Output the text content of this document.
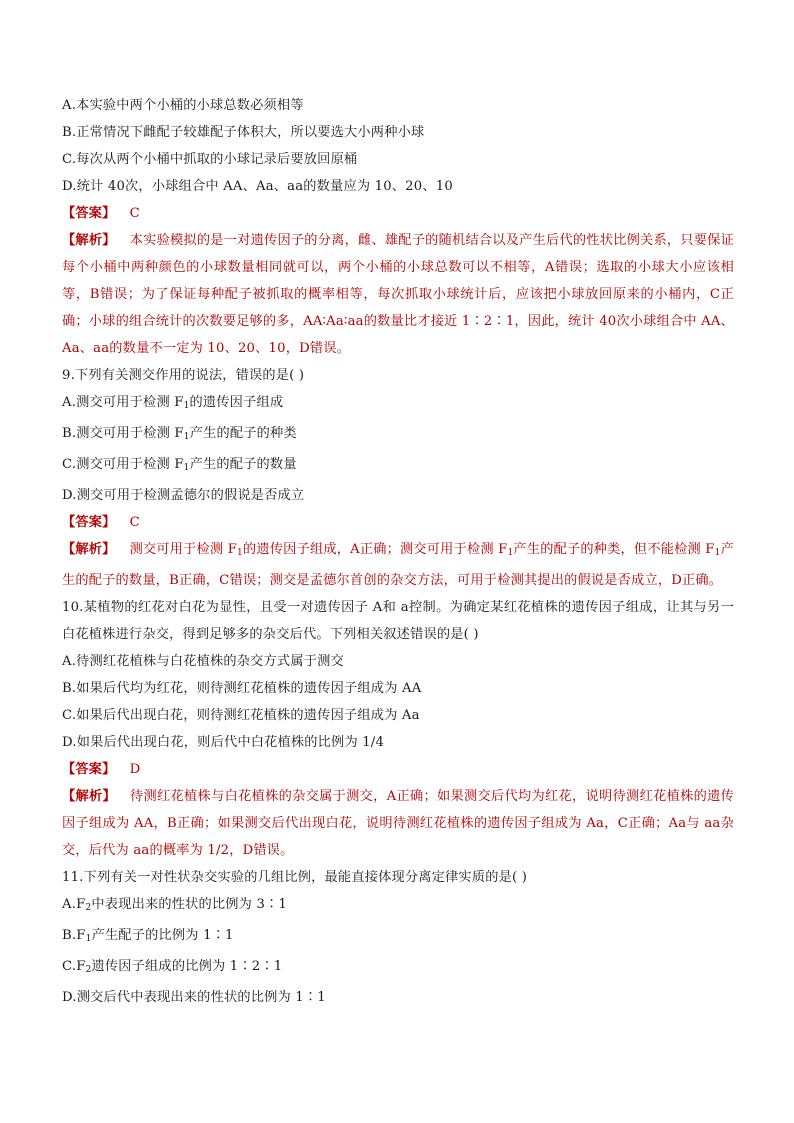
A.本实验中两个小桶的小球总数必须相等
B.正常情况下雌配子较雄配子体积大，所以要选大小两种小球
C.每次从两个小桶中抓取的小球记录后要放回原桶
D.统计 40次，小球组合中 AA、Aa、aa的数量应为 10、20、10
【答案】 C
【解析】 本实验模拟的是一对遗传因子的分离，雌、雄配子的随机结合以及产生后代的性状比例关系，只要保证每个小桶中两种颜色的小球数量相同就可以，两个小桶的小球总数可以不相等，A错误；选取的小球大小应该相等，B错误；为了保证每种配子被抓取的概率相等，每次抓取小球统计后，应该把小球放回原来的小桶内，C正确；小球的组合统计的次数要足够的多，AA∶Aa∶aa的数量比才接近 1∶2∶1，因此，统计 40次小球组合中 AA、Aa、aa的数量不一定为 10、20、10，D错误。
9.下列有关测交作用的说法，错误的是( )
A.测交可用于检测 $F_1$的遗传因子组成
B.测交可用于检测 $F_1$产生的配子的种类
C.测交可用于检测 $F_1$产生的配子的数量
D.测交可用于检测孟德尔的假说是否成立
【答案】 C
【解析】 测交可用于检测 $F_1$的遗传因子组成，A正确；测交可用于检测 $F_1$产生的配子的种类，但不能检测 $F_1$产生的配子的数量，B正确，C错误；测交是孟德尔首创的杂交方法，可用于检测其提出的假说是否成立，D正确。
10.某植物的红花对白花为显性，且受一对遗传因子 A和 a控制。为确定某红花植株的遗传因子组成，让其与另一白花植株进行杂交，得到足够多的杂交后代。下列相关叙述错误的是( )
A.待测红花植株与白花植株的杂交方式属于测交
B.如果后代均为红花，则待测红花植株的遗传因子组成为 AA
C.如果后代出现白花，则待测红花植株的遗传因子组成为 Aa
D.如果后代出现白花，则后代中白花植株的比例为 1/4
【答案】 D
【解析】 待测红花植株与白花植株的杂交属于测交，A正确；如果测交后代均为红花，说明待测红花植株的遗传因子组成为 AA，B正确；如果测交后代出现白花，说明待测红花植株的遗传因子组成为 Aa，C正确；Aa与 aa杂交，后代为 aa的概率为 1/2，D错误。
11.下列有关一对性状杂交实验的几组比例，最能直接体现分离定律实质的是( )
$A.F_2$中表现出来的性状的比例为 3∶1
$B.F_1$产生配子的比例为 1∶1
$C.F_2$遗传因子组成的比例为 1∶2∶1
D.测交后代中表现出来的性状的比例为 1∶1
